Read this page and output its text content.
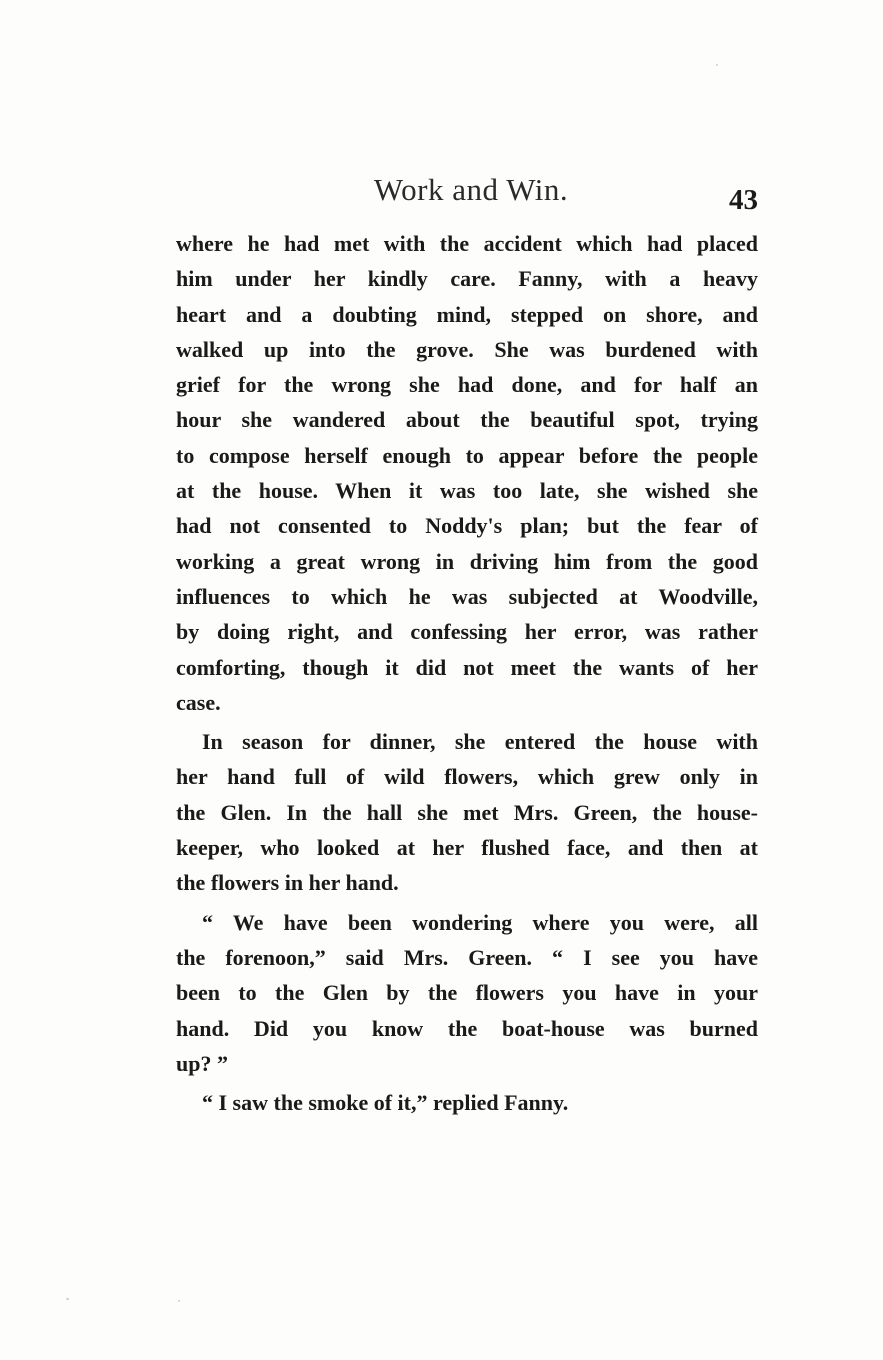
Work and Win.	43
where he had met with the accident which had placed
him under her kindly care. Fanny, with a heavy
heart and a doubting mind, stepped on shore, and
walked up into the grove. She was burdened with
grief for the wrong she had done, and for half an
hour she wandered about the beautiful spot, trying
to compose herself enough to appear before the people
at the house. When it was too late, she wished she
had not consented to Noddy's plan; but the fear of
working a great wrong in driving him from the good
influences to which he was subjected at Woodville,
by doing right, and confessing her error, was rather
comforting, though it did not meet the wants of her
case.
In season for dinner, she entered the house with
her hand full of wild flowers, which grew only in
the Glen. In the hall she met Mrs. Green, the house-
keeper, who looked at her flushed face, and then at
the flowers in her hand.
“ We have been wondering where you were, all
the forenoon,” said Mrs. Green. “ I see you have
been to the Glen by the flowers you have in your
hand. Did you know the boat-house was burned
up? ”
“ I saw the smoke of it,” replied Fanny.
